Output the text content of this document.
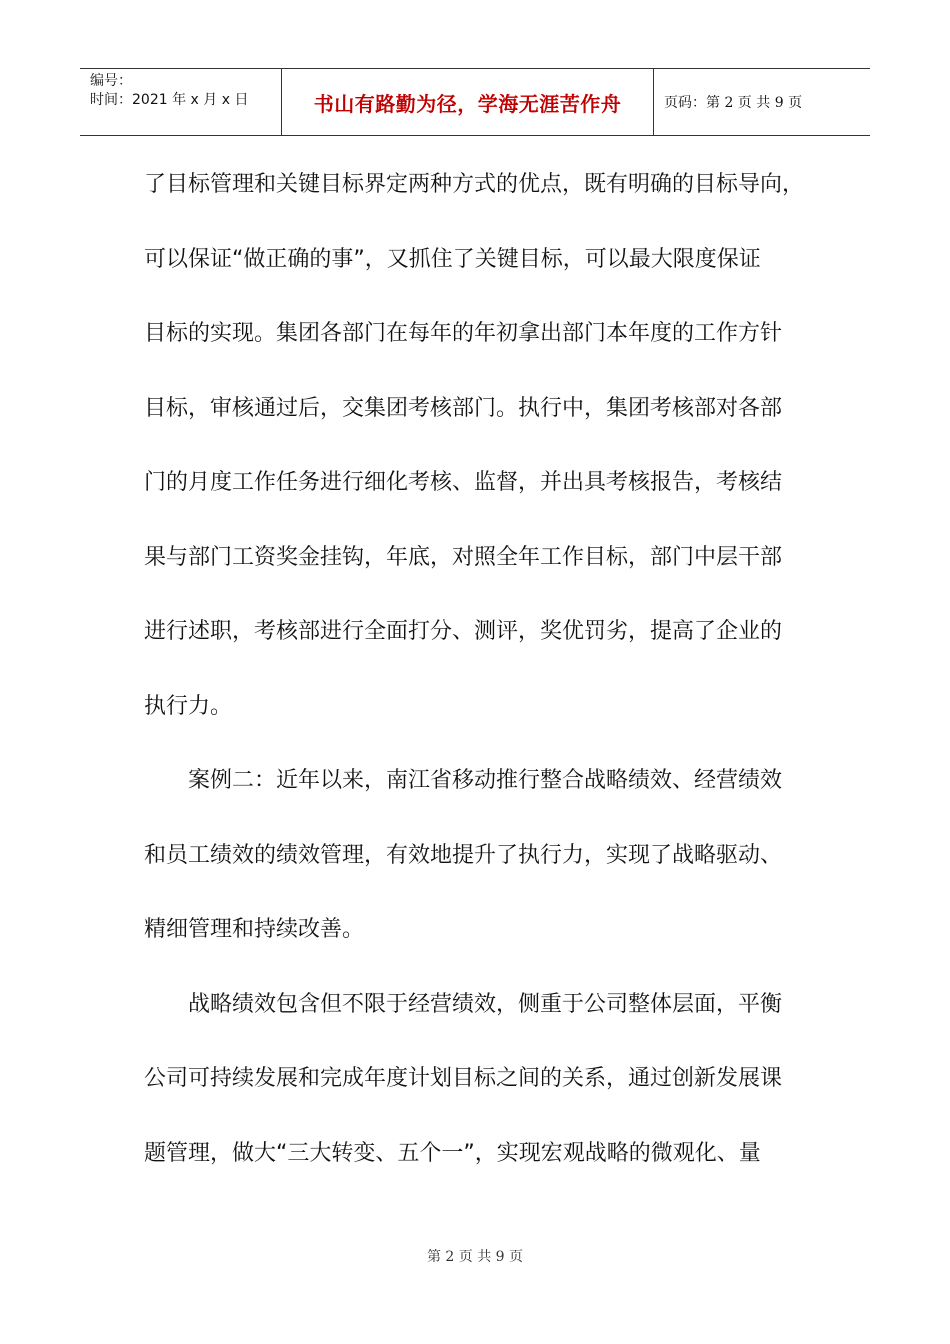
编号：
时间：2021 年 x 月 x 日	书山有路勤为径，学海无涯苦作舟	页码：第 2 页 共 9 页
了目标管理和关键目标界定两种方式的优点，既有明确的目标导向，
可以保证“做正确的事”，又抓住了关键目标，可以最大限度保证
目标的实现。集团各部门在每年的年初拿出部门本年度的工作方针
目标，审核通过后，交集团考核部门。执行中，集团考核部对各部
门的月度工作任务进行细化考核、监督，并出具考核报告，考核结
果与部门工资奖金挂钩，年底，对照全年工作目标，部门中层干部
进行述职，考核部进行全面打分、测评，奖优罚劣，提高了企业的
执行力。
案例二：近年以来，南江省移动推行整合战略绩效、经营绩效
和员工绩效的绩效管理，有效地提升了执行力，实现了战略驱动、
精细管理和持续改善。
战略绩效包含但不限于经营绩效，侧重于公司整体层面，平衡
公司可持续发展和完成年度计划目标之间的关系，通过创新发展课
题管理，做大“三大转变、五个一”，实现宏观战略的微观化、量
第 2 页 共 9 页
